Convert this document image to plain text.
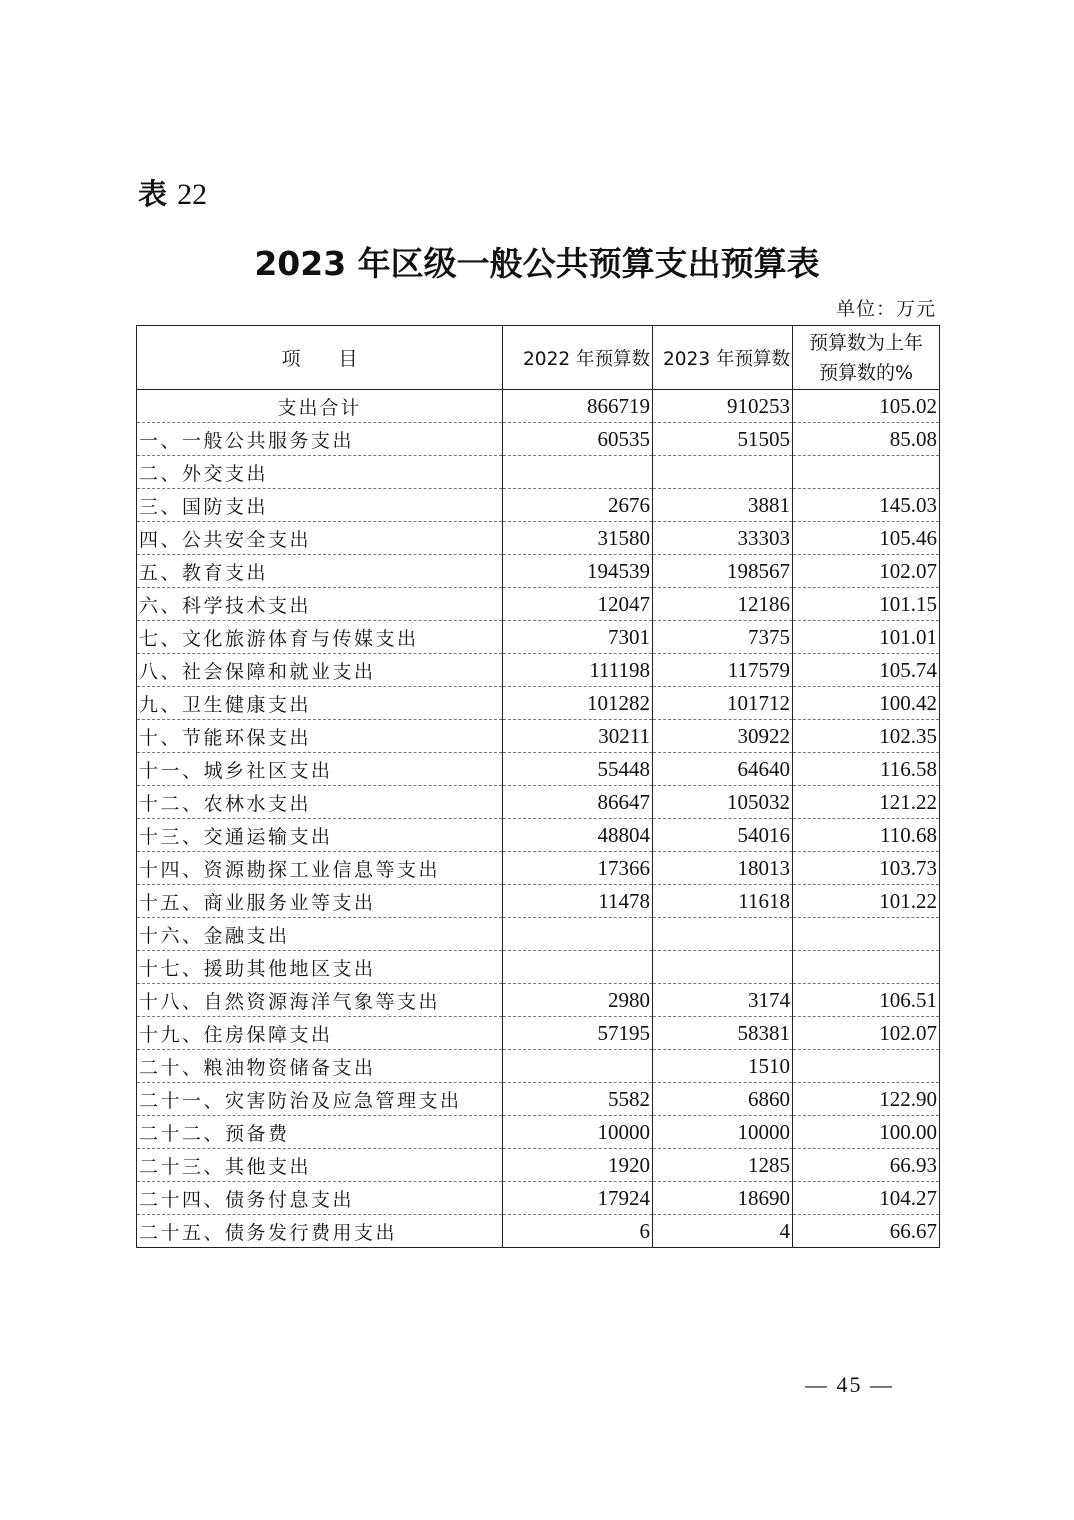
表 22
2023 年区级一般公共预算支出预算表
单位：万元
项　　目	2022 年预算数	2023 年预算数	预算数为上年
预算数的%

支出合计	866719	910253	105.02
一、一般公共服务支出	60535	51505	85.08
二、外交支出			
三、国防支出	2676	3881	145.03
四、公共安全支出	31580	33303	105.46
五、教育支出	194539	198567	102.07
六、科学技术支出	12047	12186	101.15
七、文化旅游体育与传媒支出	7301	7375	101.01
八、社会保障和就业支出	111198	117579	105.74
九、卫生健康支出	101282	101712	100.42
十、节能环保支出	30211	30922	102.35
十一、城乡社区支出	55448	64640	116.58
十二、农林水支出	86647	105032	121.22
十三、交通运输支出	48804	54016	110.68
十四、资源勘探工业信息等支出	17366	18013	103.73
十五、商业服务业等支出	11478	11618	101.22
十六、金融支出			
十七、援助其他地区支出			
十八、自然资源海洋气象等支出	2980	3174	106.51
十九、住房保障支出	57195	58381	102.07
二十、粮油物资储备支出		1510	
二十一、灾害防治及应急管理支出	5582	6860	122.90
二十二、预备费	10000	10000	100.00
二十三、其他支出	1920	1285	66.93
二十四、债务付息支出	17924	18690	104.27
二十五、债务发行费用支出	6	4	66.67
— 45 —
